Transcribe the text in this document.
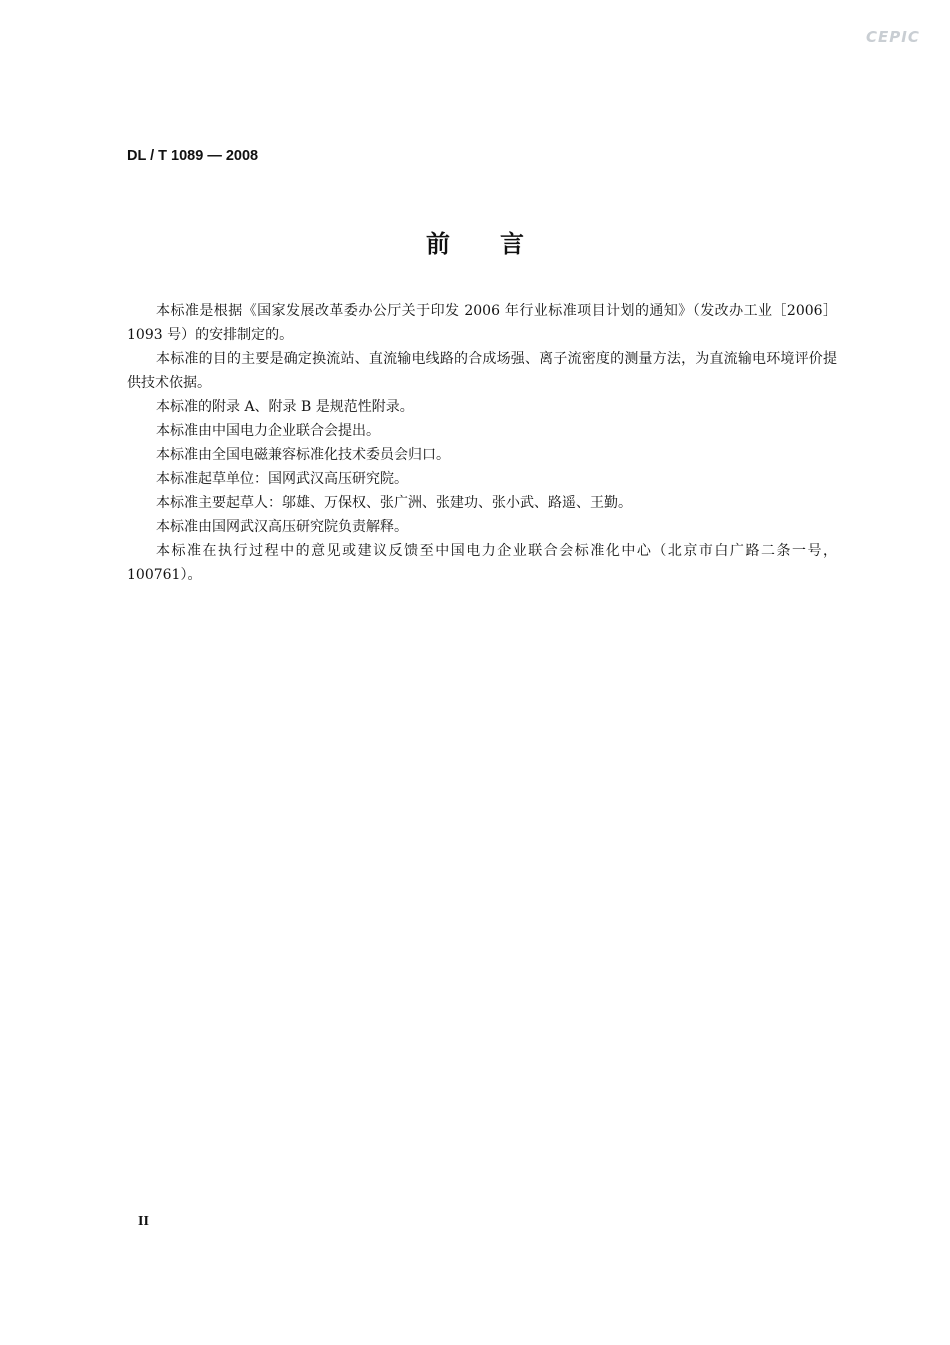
CEPIC
DL / T 1089 — 2008
前言

本标准是根据《国家发展改革委办公厅关于印发 2006 年行业标准项目计划的通知》（发改办工业［2006］1093 号）的安排制定的。

本标准的目的主要是确定换流站、直流输电线路的合成场强、离子流密度的测量方法，为直流输电环境评价提供技术依据。

本标准的附录 A、附录 B 是规范性附录。

本标准由中国电力企业联合会提出。

本标准由全国电磁兼容标准化技术委员会归口。

本标准起草单位：国网武汉高压研究院。

本标准主要起草人：邬雄、万保权、张广洲、张建功、张小武、路遥、王勤。

本标准由国网武汉高压研究院负责解释。

本标准在执行过程中的意见或建议反馈至中国电力企业联合会标准化中心（北京市白广路二条一号，100761）。

II
